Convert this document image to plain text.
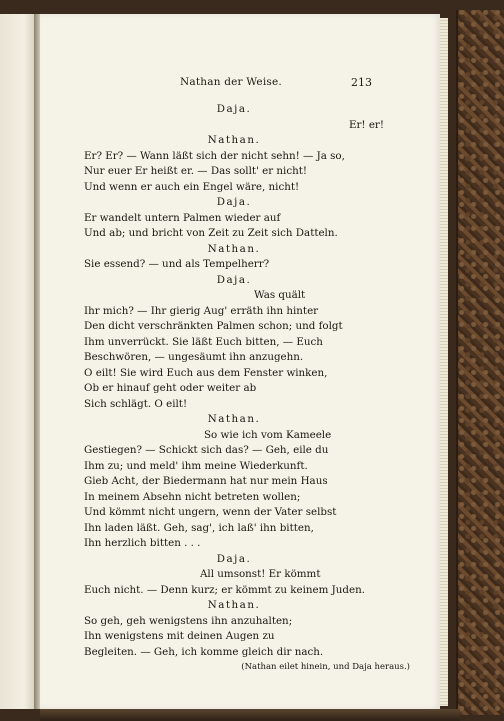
Nathan der Weise.	213
Daja.
Er! er!
Nathan.
Er? Er? — Wann läßt sich der nicht sehn! — Ja so,
Nur euer Er heißt er. — Das sollt' er nicht!
Und wenn er auch ein Engel wäre, nicht!
Daja.
Er wandelt untern Palmen wieder auf
Und ab; und bricht von Zeit zu Zeit sich Datteln.
Nathan.
Sie essend? — und als Tempelherr?
Daja.
Was quält
Ihr mich? — Ihr gierig Aug' erräth ihn hinter
Den dicht verschränkten Palmen schon; und folgt
Ihm unverrückt. Sie läßt Euch bitten, — Euch
Beschwören, — ungesäumt ihn anzugehn.
O eilt! Sie wird Euch aus dem Fenster winken,
Ob er hinauf geht oder weiter ab
Sich schlägt. O eilt!
Nathan.
So wie ich vom Kameele
Gestiegen? — Schickt sich das? — Geh, eile du
Ihm zu; und meld' ihm meine Wiederkunft.
Gieb Acht, der Biedermann hat nur mein Haus
In meinem Absehn nicht betreten wollen;
Und kömmt nicht ungern, wenn der Vater selbst
Ihn laden läßt. Geh, sag', ich laß' ihn bitten,
Ihn herzlich bitten . . .
Daja.
All umsonst! Er kömmt
Euch nicht. — Denn kurz; er kömmt zu keinem Juden.
Nathan.
So geh, geh wenigstens ihn anzuhalten;
Ihn wenigstens mit deinen Augen zu
Begleiten. — Geh, ich komme gleich dir nach.
(Nathan eilet hinein, und Daja heraus.)
